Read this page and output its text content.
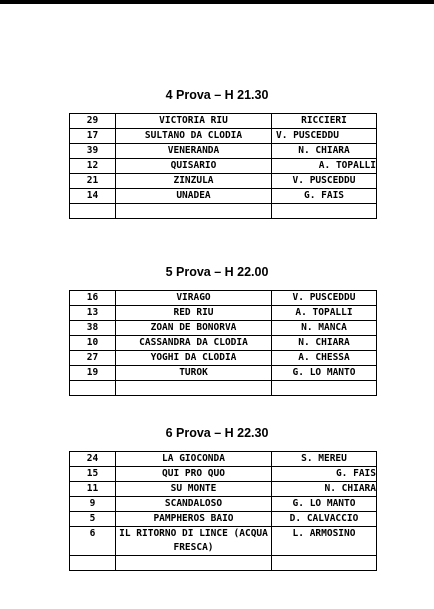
4 Prova – H 21.30
29	VICTORIA RIU	RICCIERI
17	SULTANO DA CLODIA	V. PUSCEDDU
39	VENERANDA	N. CHIARA
12	QUISARIO	A. TOPALLI
21	ZINZULA	V. PUSCEDDU
14	UNADEA	G. FAIS

5 Prova – H 22.00
16	VIRAGO	V. PUSCEDDU
13	RED RIU	A. TOPALLI
38	ZOAN DE BONORVA	N. MANCA
10	CASSANDRA DA CLODIA	N. CHIARA
27	YOGHI DA CLODIA	A. CHESSA
19	TUROK	G. LO MANTO

6 Prova – H 22.30
24	LA GIOCONDA	S. MEREU
15	QUI PRO QUO	G. FAIS
11	SU MONTE	N. CHIARA
9	SCANDALOSO	G. LO MANTO
5	PAMPHEROS BAIO	D. CALVACCIO
6	IL RITORNO DI LINCE (ACQUA FRESCA)	L. ARMOSINO
